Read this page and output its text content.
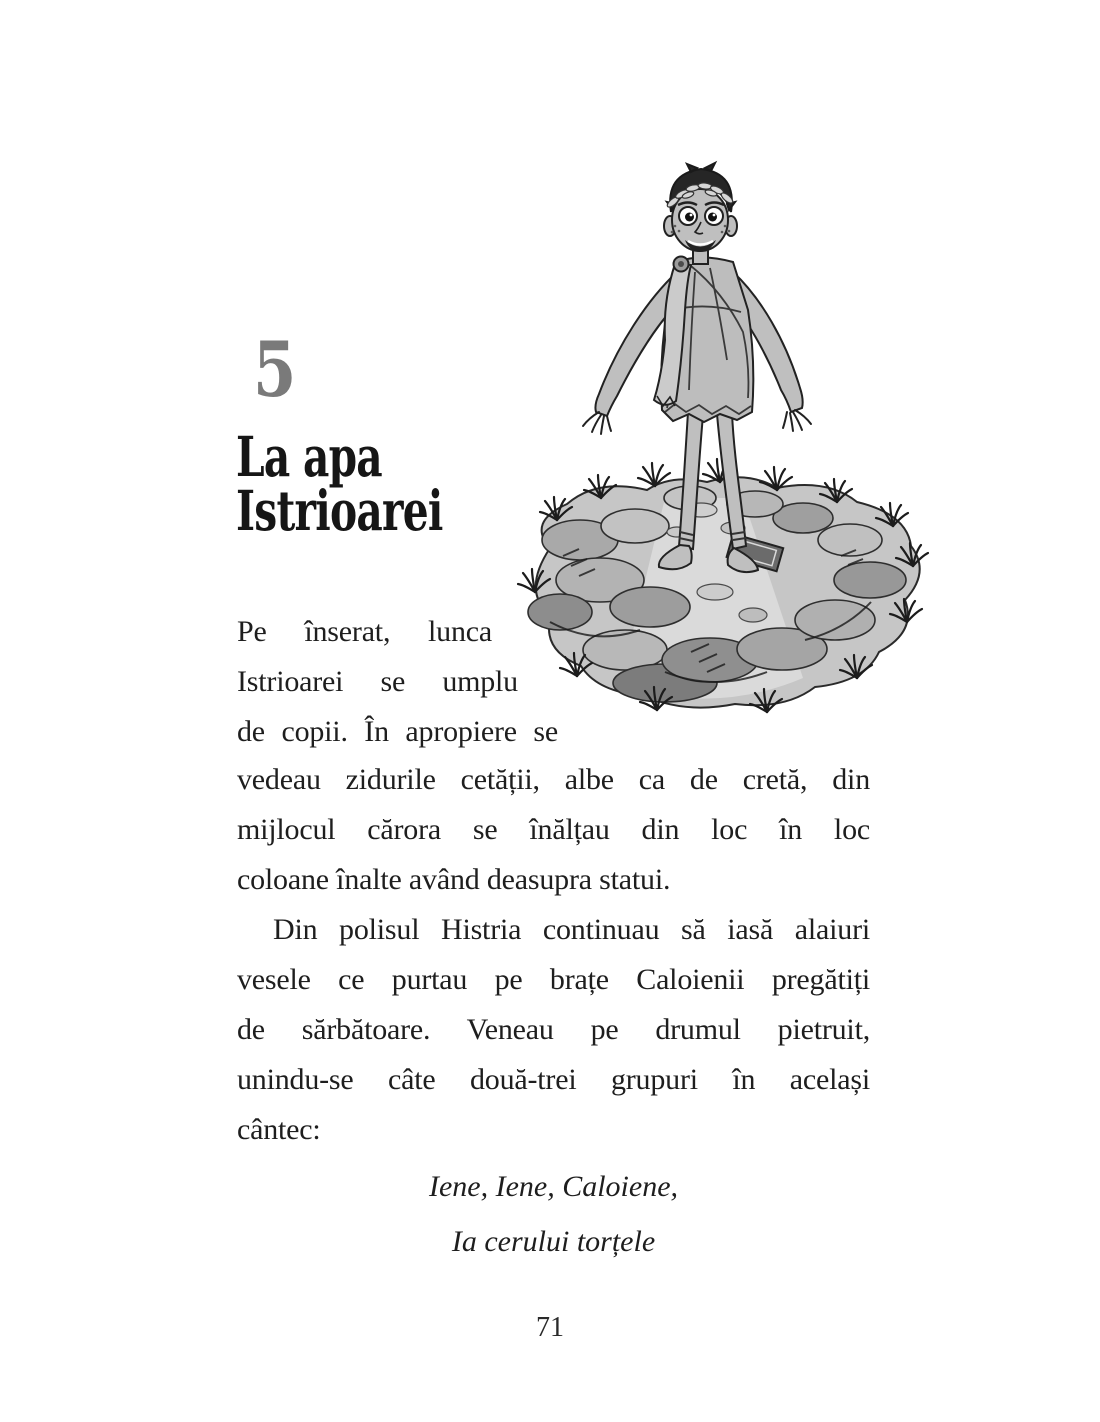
5
La apa
Istrioarei
Pe înserat, lunca
Istrioarei se umplu
de copii. În apropiere se
vedeau zidurile cetății, albe ca de cretă, din
mijlocul cărora se înălțau din loc în loc
coloane înalte având deasupra statui.
Din polisul Histria continuau să iasă alaiuri
vesele ce purtau pe brațe Caloienii pregătiți
de sărbătoare. Veneau pe drumul pietruit,
unindu-se câte două-trei grupuri în același
cântec:
Iene, Iene, Caloiene,
Ia cerului torțele
71
